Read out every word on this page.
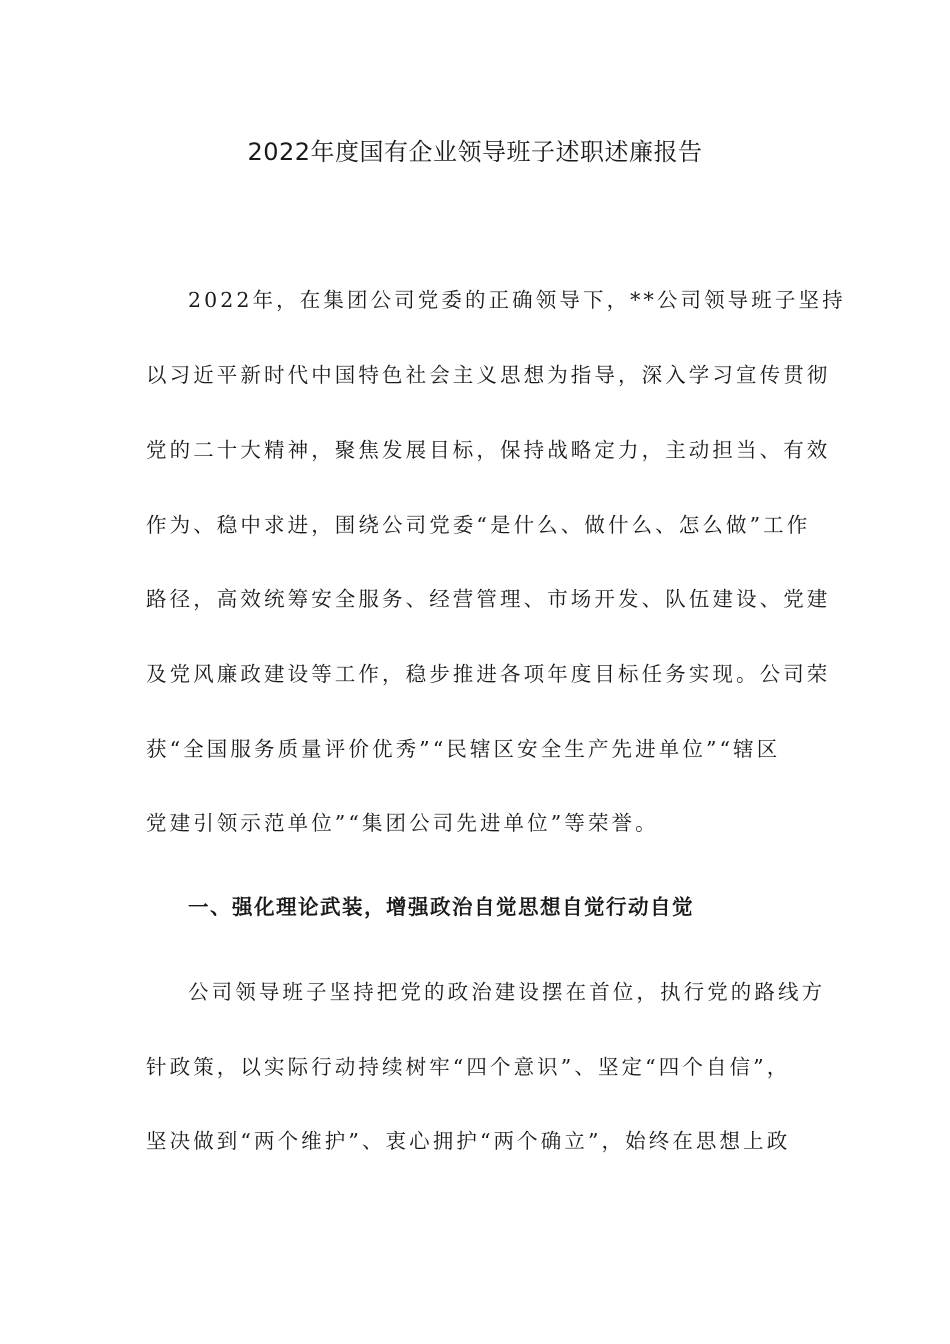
2022年度国有企业领导班子述职述廉报告
2022年，在集团公司党委的正确领导下，**公司领导班子坚持
以习近平新时代中国特色社会主义思想为指导，深入学习宣传贯彻
党的二十大精神，聚焦发展目标，保持战略定力，主动担当、有效
作为、稳中求进，围绕公司党委“是什么、做什么、怎么做”工作
路径，高效统筹安全服务、经营管理、市场开发、队伍建设、党建
及党风廉政建设等工作，稳步推进各项年度目标任务实现。公司荣
获“全国服务质量评价优秀”“民辖区安全生产先进单位”“辖区
党建引领示范单位”“集团公司先进单位”等荣誉。
一、强化理论武装，增强政治自觉思想自觉行动自觉
公司领导班子坚持把党的政治建设摆在首位，执行党的路线方
针政策，以实际行动持续树牢“四个意识”、坚定“四个自信”，
坚决做到“两个维护”、衷心拥护“两个确立”，始终在思想上政
